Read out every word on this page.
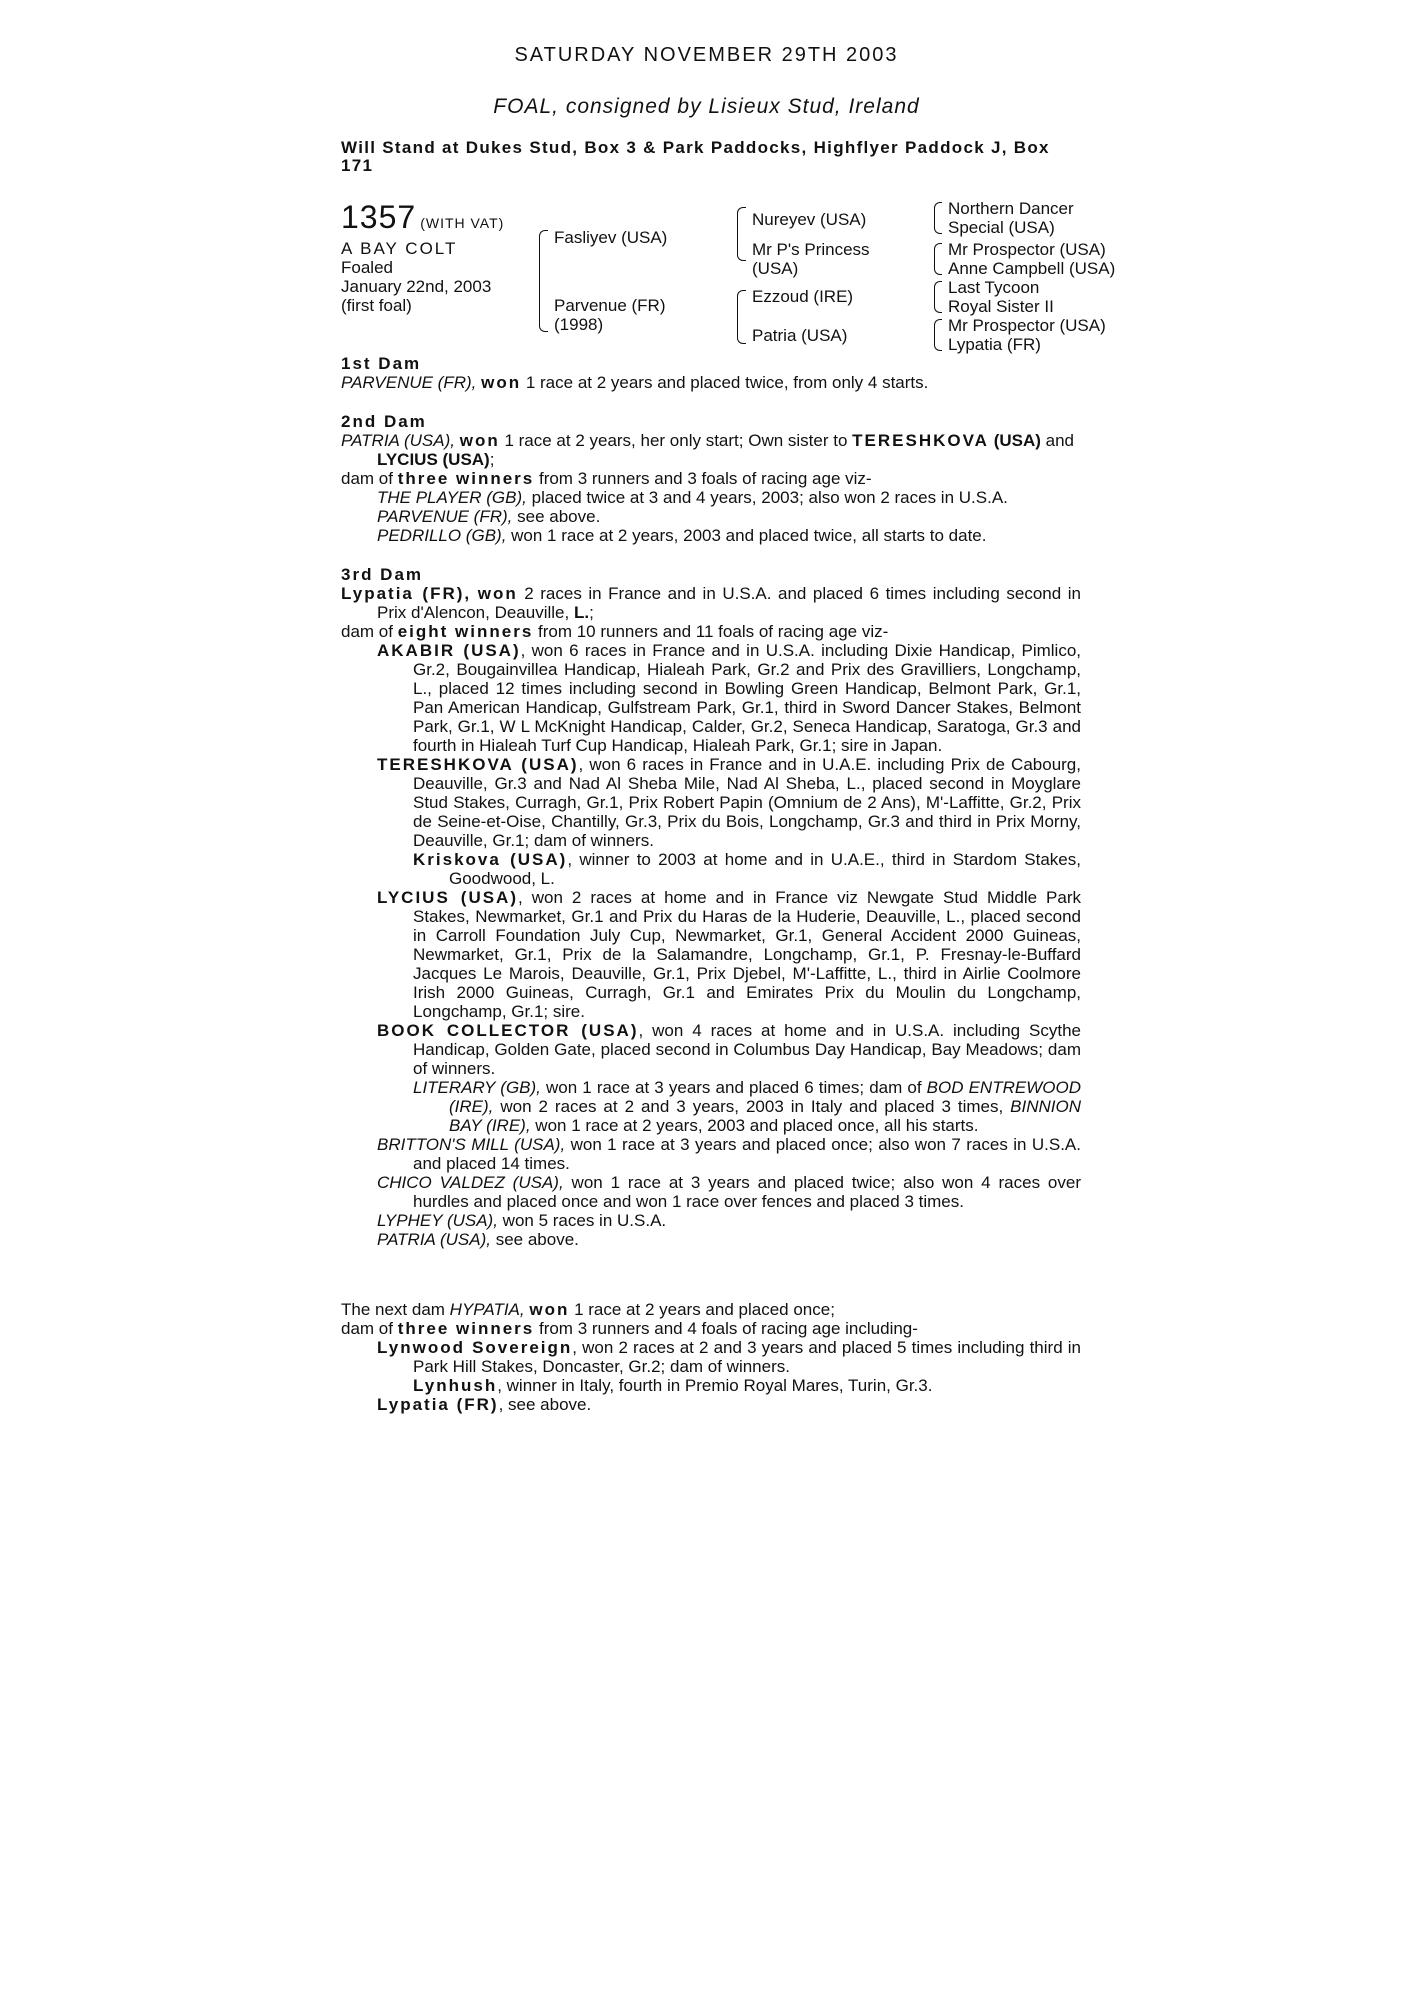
SATURDAY NOVEMBER 29TH 2003
FOAL, consigned by Lisieux Stud, Ireland
Will Stand at Dukes Stud, Box 3 & Park Paddocks, Highflyer Paddock J, Box 171
1357 (WITH VAT)
A BAY COLT
Foaled
January 22nd, 2003
(first foal)
Fasliyev (USA)
Parvenue (FR)
(1998)
Nureyev (USA)
Mr P's Princess
(USA)
Ezzoud (IRE)
Patria (USA)
Northern Dancer
Special (USA)
Mr Prospector (USA)
Anne Campbell (USA)
Last Tycoon
Royal Sister II
Mr Prospector (USA)
Lypatia (FR)
1st Dam

PARVENUE (FR), won 1 race at 2 years and placed twice, from only 4 starts.

2nd Dam

PATRIA (USA), won 1 race at 2 years, her only start; Own sister to TERESHKOVA (USA) and LYCIUS (USA);

dam of three winners from 3 runners and 3 foals of racing age viz-

THE PLAYER (GB), placed twice at 3 and 4 years, 2003; also won 2 races in U.S.A.

PARVENUE (FR), see above.

PEDRILLO (GB), won 1 race at 2 years, 2003 and placed twice, all starts to date.

3rd Dam

Lypatia (FR), won 2 races in France and in U.S.A. and placed 6 times including second in Prix d'Alencon, Deauville, L.;

dam of eight winners from 10 runners and 11 foals of racing age viz-

AKABIR (USA), won 6 races in France and in U.S.A. including Dixie Handicap, Pimlico, Gr.2, Bougainvillea Handicap, Hialeah Park, Gr.2 and Prix des Gravilliers, Longchamp, L., placed 12 times including second in Bowling Green Handicap, Belmont Park, Gr.1, Pan American Handicap, Gulfstream Park, Gr.1, third in Sword Dancer Stakes, Belmont Park, Gr.1, W L McKnight Handicap, Calder, Gr.2, Seneca Handicap, Saratoga, Gr.3 and fourth in Hialeah Turf Cup Handicap, Hialeah Park, Gr.1; sire in Japan.

TERESHKOVA (USA), won 6 races in France and in U.A.E. including Prix de Cabourg, Deauville, Gr.3 and Nad Al Sheba Mile, Nad Al Sheba, L., placed second in Moyglare Stud Stakes, Curragh, Gr.1, Prix Robert Papin (Omnium de 2 Ans), M'-Laffitte, Gr.2, Prix de Seine-et-Oise, Chantilly, Gr.3, Prix du Bois, Longchamp, Gr.3 and third in Prix Morny, Deauville, Gr.1; dam of winners.

Kriskova (USA), winner to 2003 at home and in U.A.E., third in Stardom Stakes, Goodwood, L.

LYCIUS (USA), won 2 races at home and in France viz Newgate Stud Middle Park Stakes, Newmarket, Gr.1 and Prix du Haras de la Huderie, Deauville, L., placed second in Carroll Foundation July Cup, Newmarket, Gr.1, General Accident 2000 Guineas, Newmarket, Gr.1, Prix de la Salamandre, Longchamp, Gr.1, P. Fresnay-le-Buffard Jacques Le Marois, Deauville, Gr.1, Prix Djebel, M'-Laffitte, L., third in Airlie Coolmore Irish 2000 Guineas, Curragh, Gr.1 and Emirates Prix du Moulin du Longchamp, Longchamp, Gr.1; sire.

BOOK COLLECTOR (USA), won 4 races at home and in U.S.A. including Scythe Handicap, Golden Gate, placed second in Columbus Day Handicap, Bay Meadows; dam of winners.

LITERARY (GB), won 1 race at 3 years and placed 6 times; dam of BOD ENTREWOOD (IRE), won 2 races at 2 and 3 years, 2003 in Italy and placed 3 times, BINNION BAY (IRE), won 1 race at 2 years, 2003 and placed once, all his starts.

BRITTON'S MILL (USA), won 1 race at 3 years and placed once; also won 7 races in U.S.A. and placed 14 times.

CHICO VALDEZ (USA), won 1 race at 3 years and placed twice; also won 4 races over hurdles and placed once and won 1 race over fences and placed 3 times.

LYPHEY (USA), won 5 races in U.S.A.

PATRIA (USA), see above.

The next dam HYPATIA, won 1 race at 2 years and placed once;

dam of three winners from 3 runners and 4 foals of racing age including-

Lynwood Sovereign, won 2 races at 2 and 3 years and placed 5 times including third in Park Hill Stakes, Doncaster, Gr.2; dam of winners.

Lynhush, winner in Italy, fourth in Premio Royal Mares, Turin, Gr.3.

Lypatia (FR), see above.
